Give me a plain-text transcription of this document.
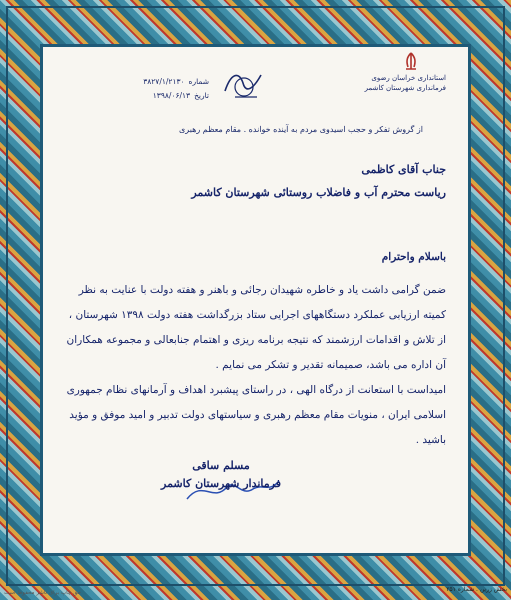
استانداری خراسان رضوی
فرمانداری شهرستان کاشمر
شماره
۳۸۲۷/۱/۲۱۳۰
تاریخ
۱۳۹۸/۰۶/۱۳
از گروش تفکر و حجب اسیدوی مردم به آینده خوانده . مقام معظم رهبری
جناب آقای کاظمی
ریاست محترم آب و فاضلاب روستائی شهرستان کاشمر

باسلام واحترام

ضمن گرامی داشت یاد و خاطره شهیدان رجائی و باهنر و هفته دولت با عنایت به نظر کمیته ارزیابی عملکرد دستگاههای اجرایی ستاد بزرگداشت هفته دولت ۱۳۹۸ شهرستان ، از تلاش و اقدامات ارزشمند که نتیجه برنامه ریزی و اهتمام جنابعالی و مجموعه همکاران آن اداره می باشد، صمیمانه تقدیر و تشکر می نمایم .

امیداست با استعانت از درگاه الهی ، در راستای پیشبرد اهداف و آرمانهای نظام جمهوری اسلامی ایران ، منویات مقام معظم رهبری و سیاستهای دولت تدبیر و امید موفق و مؤید باشید .

مسلم ساقی
فرماندار شهرستان کاشمر
بخش زرین . شماره ۲۵۱
حق چاپ برای ناشر محفوظ است
